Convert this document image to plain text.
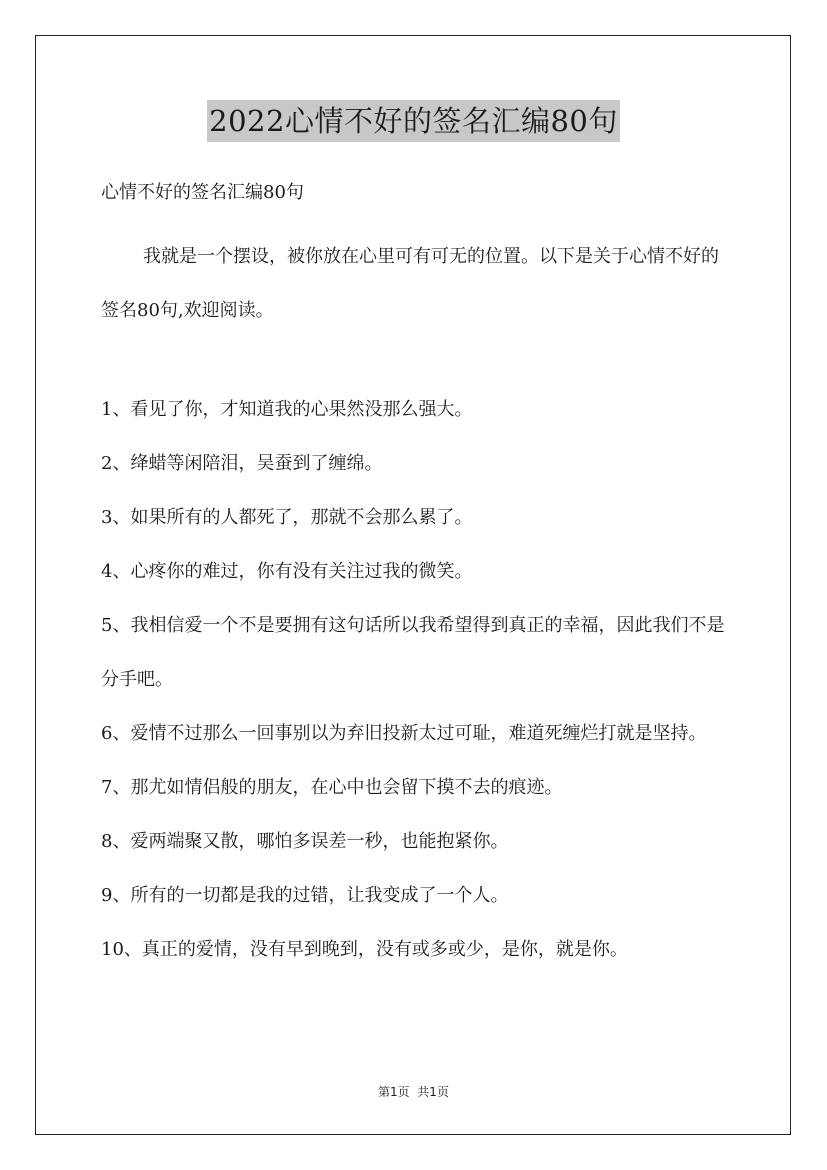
2022心情不好的签名汇编80句
心情不好的签名汇编80句

我就是一个摆设，被你放在心里可有可无的位置。以下是关于心情不好的签名80句,欢迎阅读。

1、看见了你，才知道我的心果然没那么强大。
2、绛蜡等闲陪泪，吴蚕到了缠绵。
3、如果所有的人都死了，那就不会那么累了。
4、心疼你的难过，你有没有关注过我的微笑。
5、我相信爱一个不是要拥有这句话所以我希望得到真正的幸福，因此我们不是分手吧。
6、爱情不过那么一回事别以为弃旧投新太过可耻，难道死缠烂打就是坚持。
7、那尤如情侣般的朋友，在心中也会留下摸不去的痕迹。
8、爱两端聚又散，哪怕多误差一秒，也能抱紧你。
9、所有的一切都是我的过错，让我变成了一个人。
10、真正的爱情，没有早到晚到，没有或多或少，是你，就是你。
第1页  共1页
